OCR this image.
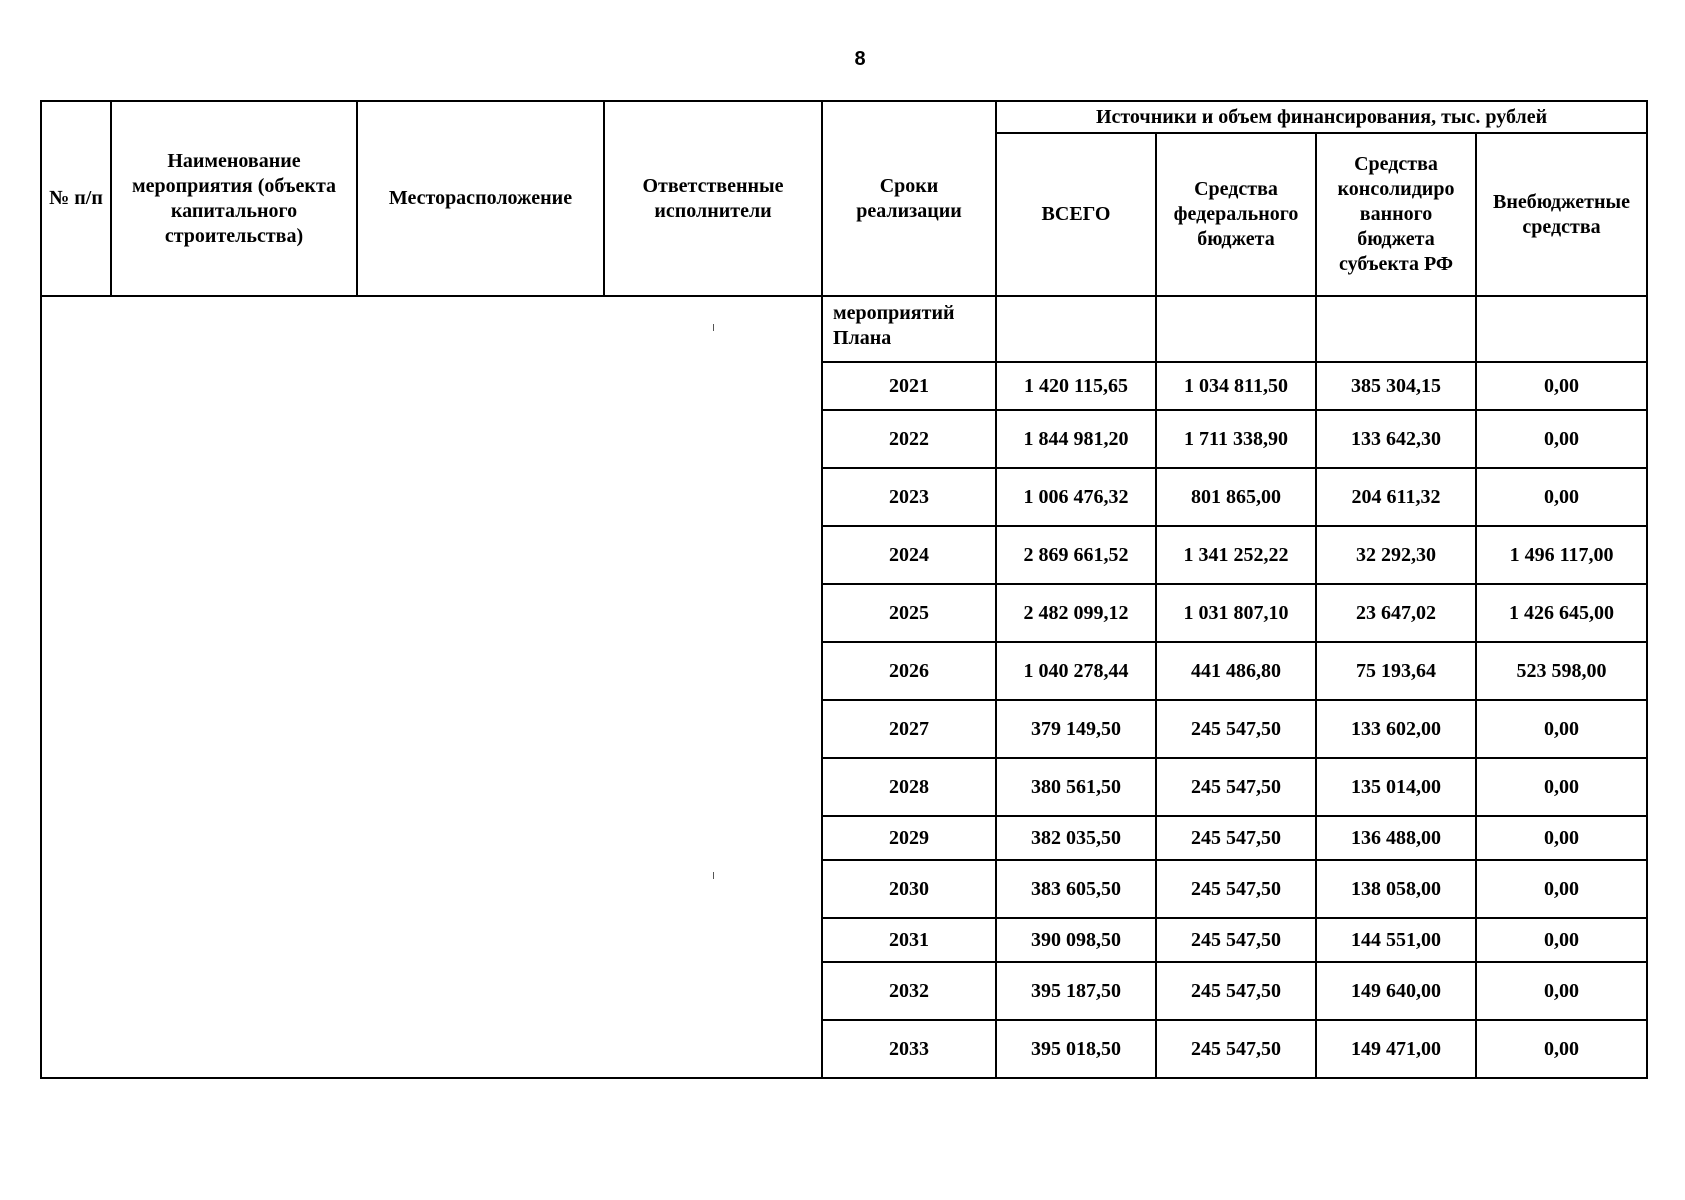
8
№ п/п	Наименование мероприятия (объекта капитального строительства)	Месторасположение	Ответственные исполнители	Сроки реализации	Источники и объем финансирования, тыс. рублей			
					ВСЕГО	Средства федерального бюджета	Средства консолидиро ванного бюджета субъекта РФ	Внебюджетные средства
				мероприятий Плана				
				2021	1 420 115,65	1 034 811,50	385 304,15	0,00
				2022	1 844 981,20	1 711 338,90	133 642,30	0,00
				2023	1 006 476,32	801 865,00	204 611,32	0,00
				2024	2 869 661,52	1 341 252,22	32 292,30	1 496 117,00
				2025	2 482 099,12	1 031 807,10	23 647,02	1 426 645,00
				2026	1 040 278,44	441 486,80	75 193,64	523 598,00
				2027	379 149,50	245 547,50	133 602,00	0,00
				2028	380 561,50	245 547,50	135 014,00	0,00
				2029	382 035,50	245 547,50	136 488,00	0,00
				2030	383 605,50	245 547,50	138 058,00	0,00
				2031	390 098,50	245 547,50	144 551,00	0,00
				2032	395 187,50	245 547,50	149 640,00	0,00
				2033	395 018,50	245 547,50	149 471,00	0,00
